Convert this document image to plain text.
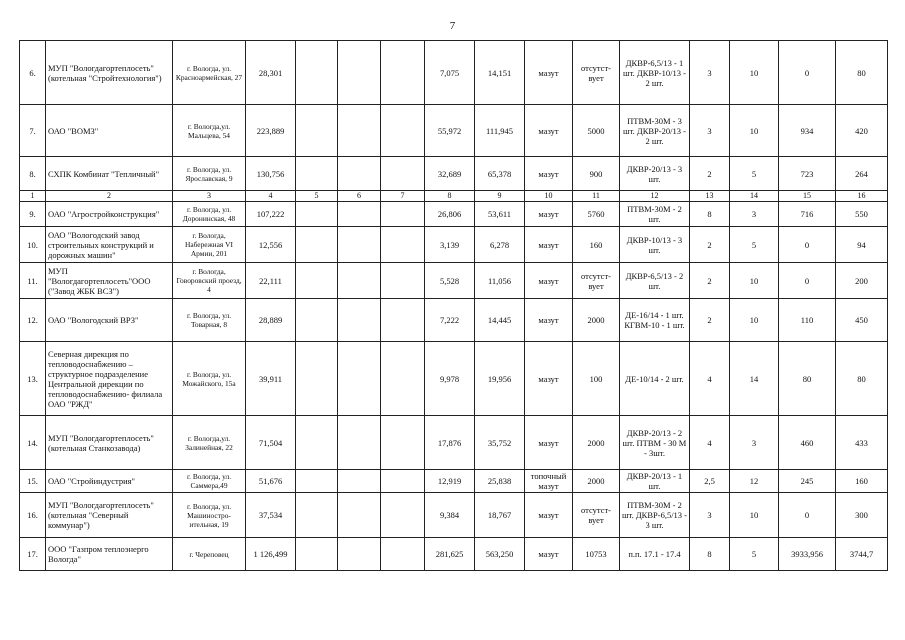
7
6.	МУП "Вологдагортеплосеть" (котельная "Стройтехнология")	г. Вологда, ул. Красноармейская, 27	28,301				7,075	14,151	мазут	отсутст-вует	ДКВР-6,5/13 - 1 шт. ДКВР-10/13 - 2 шт.	3	10	0	80
7.	ОАО "ВОМЗ"	г. Вологда,ул. Мальцева, 54	223,889				55,972	111,945	мазут	5000	ПТВМ-30М - 3 шт. ДКВР-20/13 - 2 шт.	3	10	934	420
8.	СХПК Комбинат "Тепличный"	г. Вологда, ул. Ярославская, 9	130,756				32,689	65,378	мазут	900	ДКВР-20/13 - 3 шт.	2	5	723	264
1	2	3	4	5	6	7	8	9	10	11	12	13	14	15	16
9.	ОАО "Агростройконструкция"	г. Вологда, ул. Доронинская, 48	107,222				26,806	53,611	мазут	5760	ПТВМ-30М - 2 шт.	8	3	716	550
10.	ОАО "Вологодский завод строительных конструкций и дорожных машин"	г. Вологда, Набережная VI Армии, 201	12,556				3,139	6,278	мазут	160	ДКВР-10/13 - 3 шт.	2	5	0	94
11.	МУП "Вологдагортеплосеть"ООО ("Завод ЖБК ВСЗ")	г. Вологда, Говоровский проезд, 4	22,111				5,528	11,056	мазут	отсутст-вует	ДКВР-6,5/13 - 2 шт.	2	10	0	200
12.	ОАО "Вологодский ВРЗ"	г. Вологда, ул. Товарная, 8	28,889				7,222	14,445	мазут	2000	ДЕ-16/14 - 1 шт. КГВМ-10 - 1 шт.	2	10	110	450
13.	Северная дирекция по тепловодоснабжению – структурное подразделение Центральной дирекции по тепловодоснабжению- филиала ОАО "РЖД"	г. Вологда, ул. Можайского, 15а	39,911				9,978	19,956	мазут	100	ДЕ-10/14 - 2 шт.	4	14	80	80
14.	МУП "Вологдагортеплосеть" (котельная Станкозавода)	г. Вологда,ул. Залинейная, 22	71,504				17,876	35,752	мазут	2000	ДКВР-20/13 - 2 шт. ПТВМ - 30 М - 3шт.	4	3	460	433
15.	ОАО "Стройиндустрия"	г. Вологда, ул. Саммера,49	51,676				12,919	25,838	топочный мазут	2000	ДКВР-20/13 - 1 шт.	2,5	12	245	160
16.	МУП "Вологдагортеплосеть" (котельная "Северный коммунар")	г. Вологда, ул. Машиностро-ительная, 19	37,534				9,384	18,767	мазут	отсутст-вует	ПТВМ-30М - 2 шт. ДКВР-6,5/13 - 3 шт.	3	10	0	300
17.	ООО "Газпром теплоэнерго Вологда"	г. Череповец	1 126,499				281,625	563,250	мазут	10753	п.п. 17.1 - 17.4	8	5	3933,956	3744,7
